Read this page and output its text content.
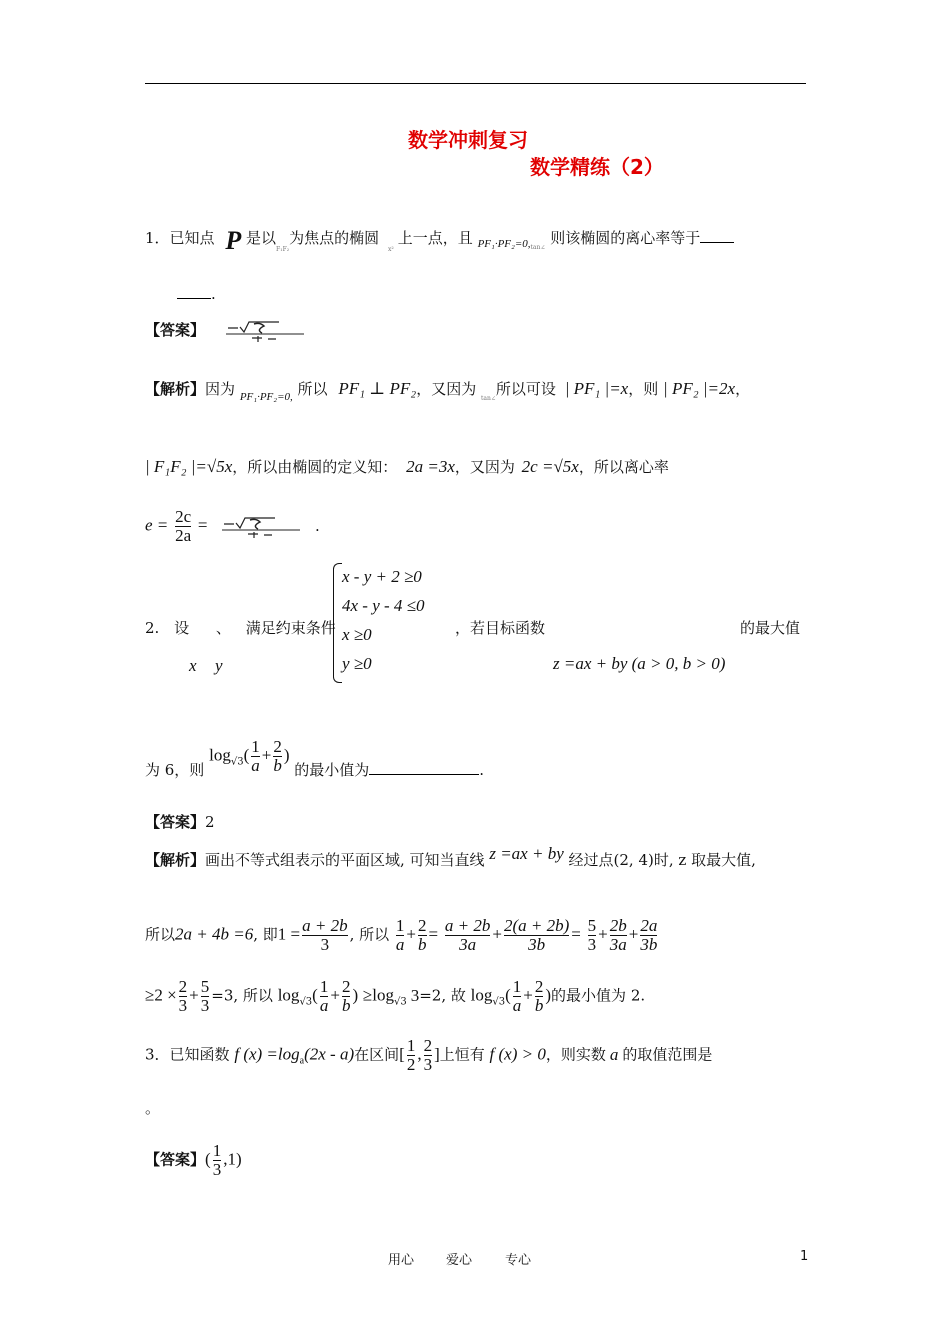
数学冲刺复习
数学精练（2）
1．已知点 P 是以$_{F_1F_2}$为焦点的椭圆 $_{x^2}$上一点，且 $_{PF_1\cdot PF_2=0,tan\angle}$ 则该椭圆的离心率等于
.
【答案】
【解析】因为 $_{PF_1\cdot PF_2=0,}$ 所以 PF₁ ⊥ PF₂，又因为 $_{tan\angle}$所以可设 | PF₁ |=x，则 | PF₂ |=2x，
| F₁F₂ |=√5x，所以由椭圆的定义知： 2a =3x，又因为 2c =√5x，所以离心率
$e = \frac{2c}{2a}$ =	.
x - y + 2 ≥0
4x - y - 4 ≤0
x ≥0
y ≥0
2. 设 、 满足约束条件
x y
，若目标函数	的最大值
z =ax + by (a > 0, b > 0)
为 6，则 $\log_{√3}( \frac{1}{a} + \frac{2}{b}$ ) 的最小值为	.
【答案】2
【解析】画出不等式组表示的平面区域, 可知当直线 z =ax + by 经过点(2, 4)时, z 取最大值,
所以2a + 4b =6, 即$1 = \frac{a + 2b}{3}$ , 所以 $\frac{1}{a} + \frac{2}{b} = \frac{a + 2b}{3a} + \frac{2(a + 2b)}{3b} = \frac{5}{3} + \frac{2b}{3a} + \frac{2a}{3b}$
$\ge 2 \times \frac{2}{3} + \frac{5}{3} =3$, 所以 $\log_{√3}( \frac{1}{a} + \frac{2}{b}$ ) $\ge\log_{√3}$ 3=2, 故 $\log_{√3}( \frac{1}{a} + \frac{2}{b}$ )的最小值为 2.
3．已知函数 f $(x) =\log_a(2x - a)$在区间[ $\frac{1}{2}$ , $\frac{2}{3}$ ]上恒有 f (x) > 0，则实数 a 的取值范围是
。
【答案】( $\frac{1}{3} ,1$)
用心 爱心	专心	1
